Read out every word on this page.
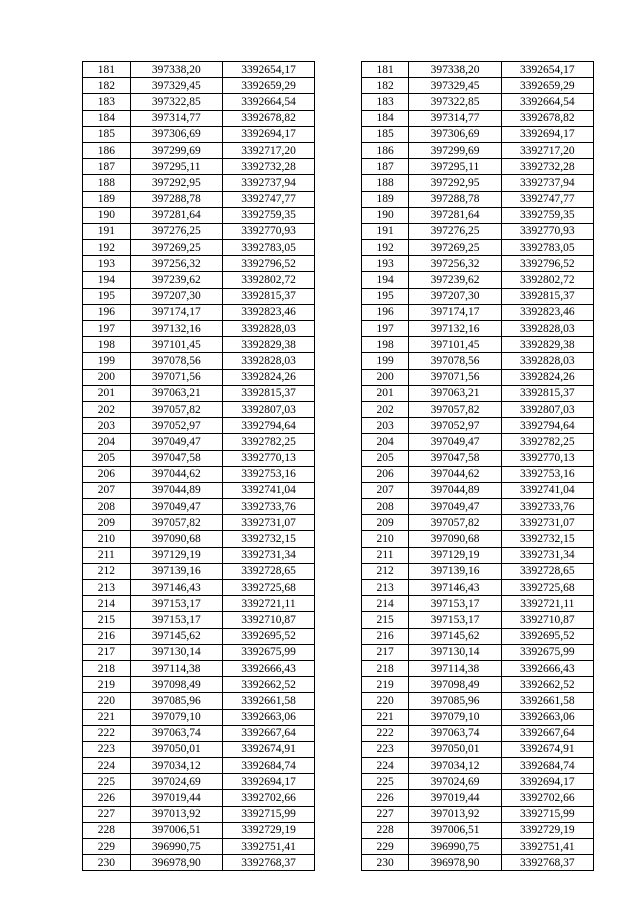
181	397338,20	3392654,17		181	397338,20	3392654,17
182	397329,45	3392659,29		182	397329,45	3392659,29
183	397322,85	3392664,54		183	397322,85	3392664,54
184	397314,77	3392678,82		184	397314,77	3392678,82
185	397306,69	3392694,17		185	397306,69	3392694,17
186	397299,69	3392717,20		186	397299,69	3392717,20
187	397295,11	3392732,28		187	397295,11	3392732,28
188	397292,95	3392737,94		188	397292,95	3392737,94
189	397288,78	3392747,77		189	397288,78	3392747,77
190	397281,64	3392759,35		190	397281,64	3392759,35
191	397276,25	3392770,93		191	397276,25	3392770,93
192	397269,25	3392783,05		192	397269,25	3392783,05
193	397256,32	3392796,52		193	397256,32	3392796,52
194	397239,62	3392802,72		194	397239,62	3392802,72
195	397207,30	3392815,37		195	397207,30	3392815,37
196	397174,17	3392823,46		196	397174,17	3392823,46
197	397132,16	3392828,03		197	397132,16	3392828,03
198	397101,45	3392829,38		198	397101,45	3392829,38
199	397078,56	3392828,03		199	397078,56	3392828,03
200	397071,56	3392824,26		200	397071,56	3392824,26
201	397063,21	3392815,37		201	397063,21	3392815,37
202	397057,82	3392807,03		202	397057,82	3392807,03
203	397052,97	3392794,64		203	397052,97	3392794,64
204	397049,47	3392782,25		204	397049,47	3392782,25
205	397047,58	3392770,13		205	397047,58	3392770,13
206	397044,62	3392753,16		206	397044,62	3392753,16
207	397044,89	3392741,04		207	397044,89	3392741,04
208	397049,47	3392733,76		208	397049,47	3392733,76
209	397057,82	3392731,07		209	397057,82	3392731,07
210	397090,68	3392732,15		210	397090,68	3392732,15
211	397129,19	3392731,34		211	397129,19	3392731,34
212	397139,16	3392728,65		212	397139,16	3392728,65
213	397146,43	3392725,68		213	397146,43	3392725,68
214	397153,17	3392721,11		214	397153,17	3392721,11
215	397153,17	3392710,87		215	397153,17	3392710,87
216	397145,62	3392695,52		216	397145,62	3392695,52
217	397130,14	3392675,99		217	397130,14	3392675,99
218	397114,38	3392666,43		218	397114,38	3392666,43
219	397098,49	3392662,52		219	397098,49	3392662,52
220	397085,96	3392661,58		220	397085,96	3392661,58
221	397079,10	3392663,06		221	397079,10	3392663,06
222	397063,74	3392667,64		222	397063,74	3392667,64
223	397050,01	3392674,91		223	397050,01	3392674,91
224	397034,12	3392684,74		224	397034,12	3392684,74
225	397024,69	3392694,17		225	397024,69	3392694,17
226	397019,44	3392702,66		226	397019,44	3392702,66
227	397013,92	3392715,99		227	397013,92	3392715,99
228	397006,51	3392729,19		228	397006,51	3392729,19
229	396990,75	3392751,41		229	396990,75	3392751,41
230	396978,90	3392768,37		230	396978,90	3392768,37
